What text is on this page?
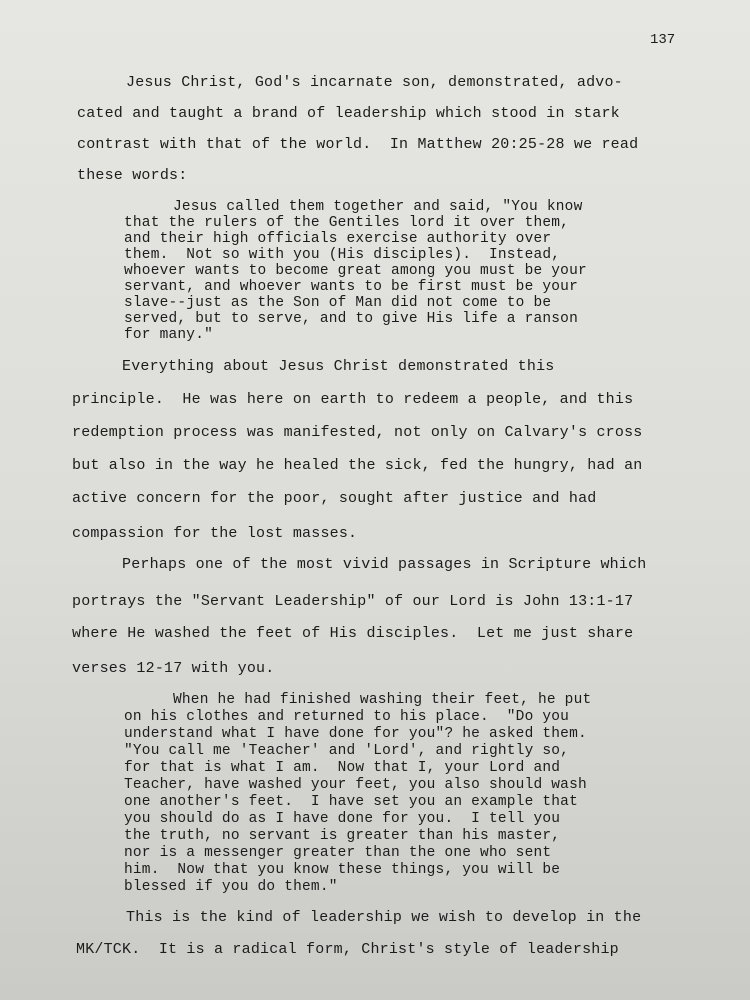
137
Jesus Christ, God's incarnate son, demonstrated, advo-
cated and taught a brand of leadership which stood in stark
contrast with that of the world.  In Matthew 20:25-28 we read
these words:
Jesus called them together and said, "You know
that the rulers of the Gentiles lord it over them,
and their high officials exercise authority over
them.  Not so with you (His disciples).  Instead,
whoever wants to become great among you must be your
servant, and whoever wants to be first must be your
slave--just as the Son of Man did not come to be
served, but to serve, and to give His life a ranson
for many."
Everything about Jesus Christ demonstrated this
principle.  He was here on earth to redeem a people, and this
redemption process was manifested, not only on Calvary's cross
but also in the way he healed the sick, fed the hungry, had an
active concern for the poor, sought after justice and had
compassion for the lost masses.
Perhaps one of the most vivid passages in Scripture which
portrays the "Servant Leadership" of our Lord is John 13:1-17
where He washed the feet of His disciples.  Let me just share
verses 12-17 with you.
When he had finished washing their feet, he put
on his clothes and returned to his place.  "Do you
understand what I have done for you"? he asked them.
"You call me 'Teacher' and 'Lord', and rightly so,
for that is what I am.  Now that I, your Lord and
Teacher, have washed your feet, you also should wash
one another's feet.  I have set you an example that
you should do as I have done for you.  I tell you
the truth, no servant is greater than his master,
nor is a messenger greater than the one who sent
him.  Now that you know these things, you will be
blessed if you do them."
This is the kind of leadership we wish to develop in the
MK/TCK.  It is a radical form, Christ's style of leadership
